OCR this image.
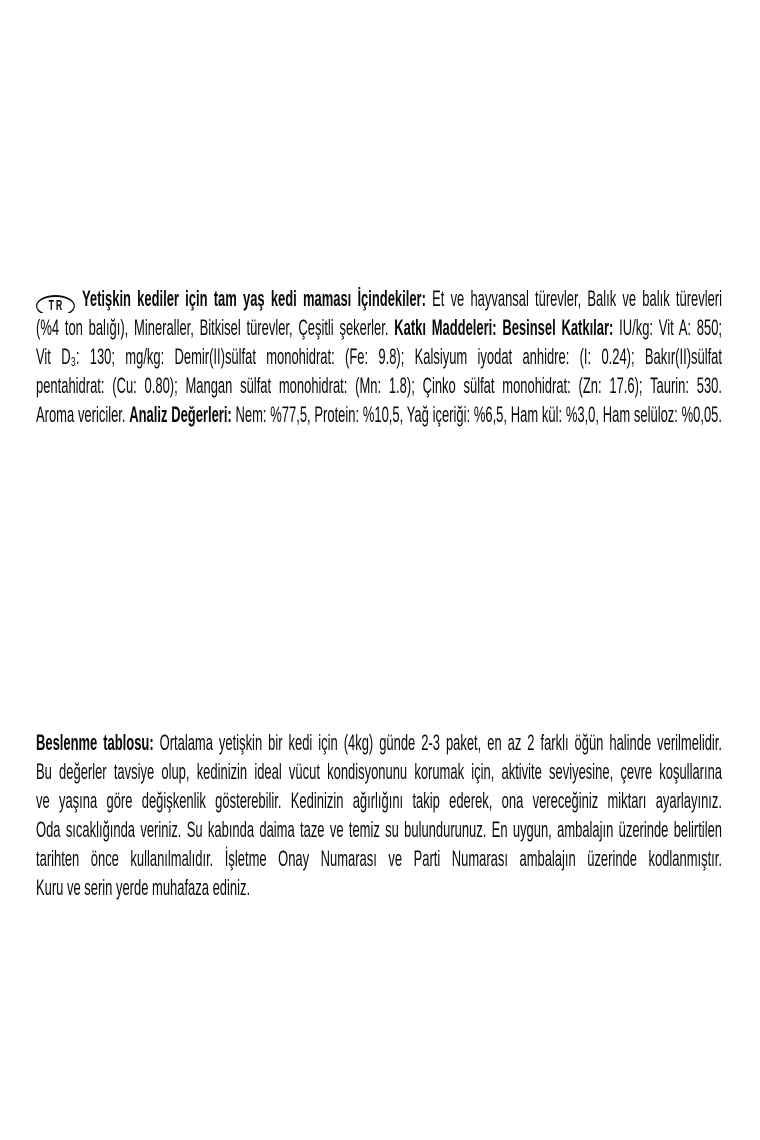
TR Yetişkin kediler için tam yaş kedi maması İçindekiler: Et ve hayvansal türevler, Balık ve balık türevleri
(%4 ton balığı), Mineraller, Bitkisel türevler, Çeşitli şekerler. Katkı Maddeleri: Besinsel Katkılar: IU/kg: Vit A: 850;
Vit D₃: 130; mg/kg: Demir(II)sülfat monohidrat: (Fe: 9.8); Kalsiyum iyodat anhidre: (I: 0.24); Bakır(II)sülfat
pentahidrat: (Cu: 0.80); Mangan sülfat monohidrat: (Mn: 1.8); Çinko sülfat monohidrat: (Zn: 17.6); Taurin: 530.
Aroma vericiler. Analiz Değerleri: Nem: %77,5, Protein: %10,5, Yağ içeriği: %6,5, Ham kül: %3,0, Ham selüloz: %0,05.
Beslenme tablosu: Ortalama yetişkin bir kedi için (4kg) günde 2-3 paket, en az 2 farklı öğün halinde verilmelidir.
Bu değerler tavsiye olup, kedinizin ideal vücut kondisyonunu korumak için, aktivite seviyesine, çevre koşullarına
ve yaşına göre değişkenlik gösterebilir. Kedinizin ağırlığını takip ederek, ona vereceğiniz miktarı ayarlayınız.
Oda sıcaklığında veriniz. Su kabında daima taze ve temiz su bulundurunuz. En uygun, ambalajın üzerinde belirtilen
tarihten önce kullanılmalıdır. İşletme Onay Numarası ve Parti Numarası ambalajın üzerinde kodlanmıştır.
Kuru ve serin yerde muhafaza ediniz.
